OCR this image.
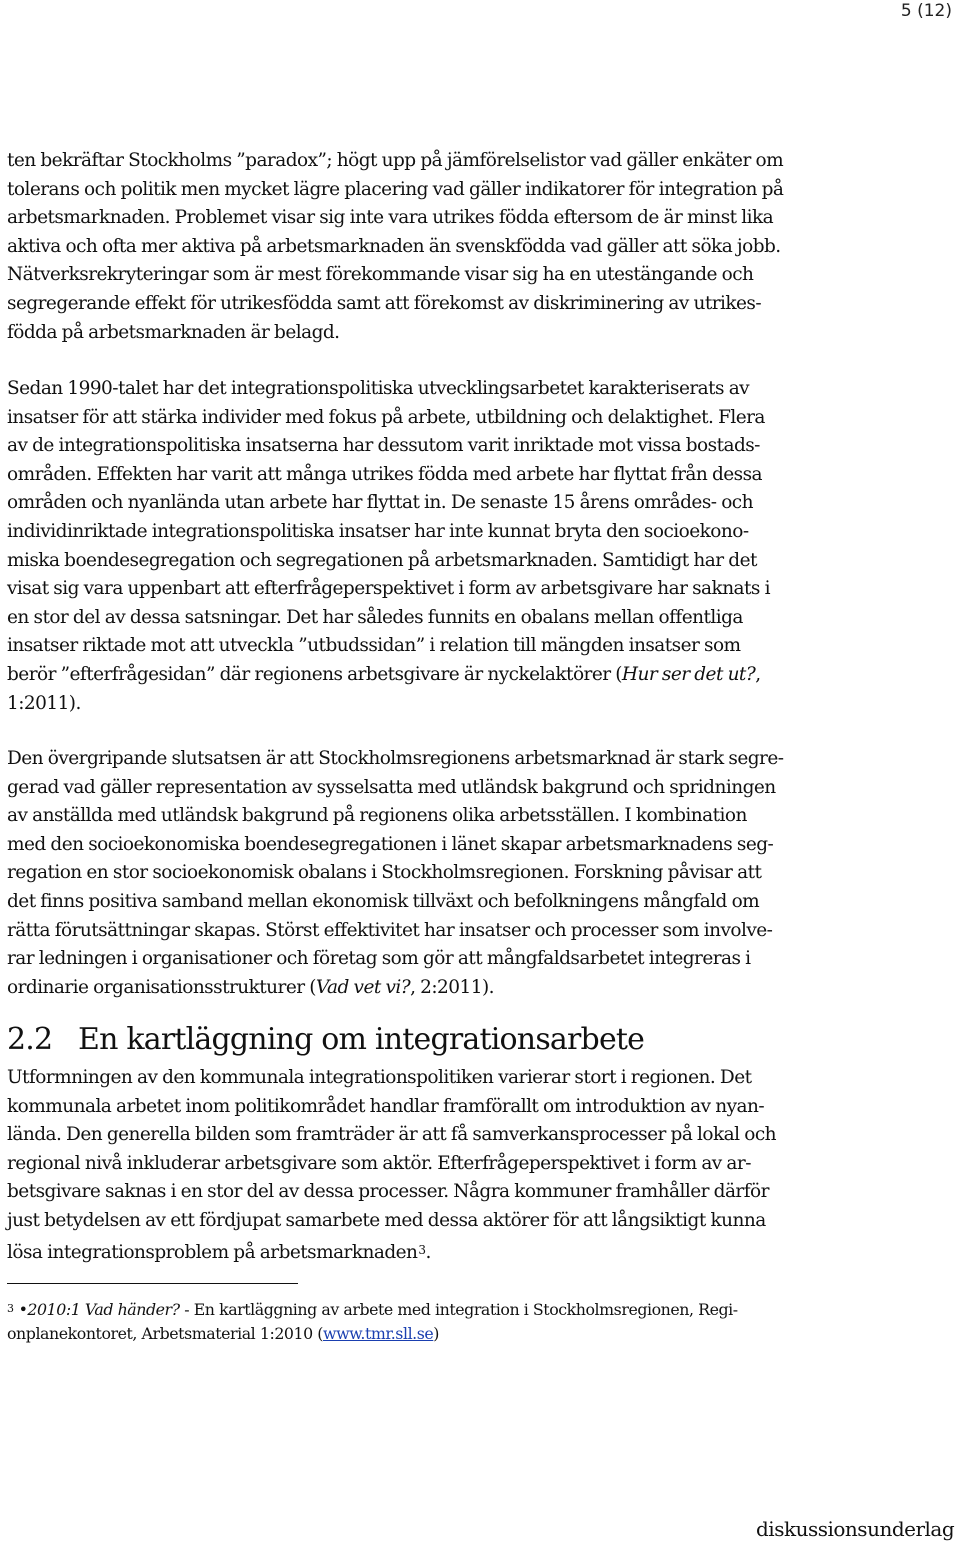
5 (12)

ten bekräftar Stockholms ”paradox”; högt upp på jämförelselistor vad gäller enkäter om
tolerans och politik men mycket lägre placering vad gäller indikatorer för integration på
arbetsmarknaden. Problemet visar sig inte vara utrikes födda eftersom de är minst lika
aktiva och ofta mer aktiva på arbetsmarknaden än svenskfödda vad gäller att söka jobb.
Nätverksrekryteringar som är mest förekommande visar sig ha en utestängande och
segregerande effekt för utrikesfödda samt att förekomst av diskriminering av utrikes-
födda på arbetsmarknaden är belagd.

Sedan 1990-talet har det integrationspolitiska utvecklingsarbetet karakteriserats av
insatser för att stärka individer med fokus på arbete, utbildning och delaktighet. Flera
av de integrationspolitiska insatserna har dessutom varit inriktade mot vissa bostads-
områden. Effekten har varit att många utrikes födda med arbete har flyttat från dessa
områden och nyanlända utan arbete har flyttat in. De senaste 15 årens områdes- och
individinriktade integrationspolitiska insatser har inte kunnat bryta den socioekono-
miska boendesegregation och segregationen på arbetsmarknaden. Samtidigt har det
visat sig vara uppenbart att efterfrågeperspektivet i form av arbetsgivare har saknats i
en stor del av dessa satsningar. Det har således funnits en obalans mellan offentliga
insatser riktade mot att utveckla ”utbudssidan” i relation till mängden insatser som
berör ”efterfrågesidan” där regionens arbetsgivare är nyckelaktörer (Hur ser det ut?,
1:2011).

Den övergripande slutsatsen är att Stockholmsregionens arbetsmarknad är stark segre-
gerad vad gäller representation av sysselsatta med utländsk bakgrund och spridningen
av anställda med utländsk bakgrund på regionens olika arbetsställen. I kombination
med den socioekonomiska boendesegregationen i länet skapar arbetsmarknadens seg-
regation en stor socioekonomisk obalans i Stockholmsregionen. Forskning påvisar att
det finns positiva samband mellan ekonomisk tillväxt och befolkningens mångfald om
rätta förutsättningar skapas. Störst effektivitet har insatser och processer som involve-
rar ledningen i organisationer och företag som gör att mångfaldsarbetet integreras i
ordinarie organisationsstrukturer (Vad vet vi?, 2:2011).

2.2 En kartläggning om integrationsarbete

Utformningen av den kommunala integrationspolitiken varierar stort i regionen. Det
kommunala arbetet inom politikområdet handlar framförallt om introduktion av nyan-
lända. Den generella bilden som framträder är att få samverkansprocesser på lokal och
regional nivå inkluderar arbetsgivare som aktör. Efterfrågeperspektivet i form av ar-
betsgivare saknas i en stor del av dessa processer. Några kommuner framhåller därför
just betydelsen av ett fördjupat samarbete med dessa aktörer för att långsiktigt kunna
lösa integrationsproblem på arbetsmarknaden$^3$.

3 •2010:1 Vad händer? - En kartläggning av arbete med integration i Stockholmsregionen, Regi-
onplanekontoret, Arbetsmaterial 1:2010 (www.tmr.sll.se)

diskussionsunderlag
